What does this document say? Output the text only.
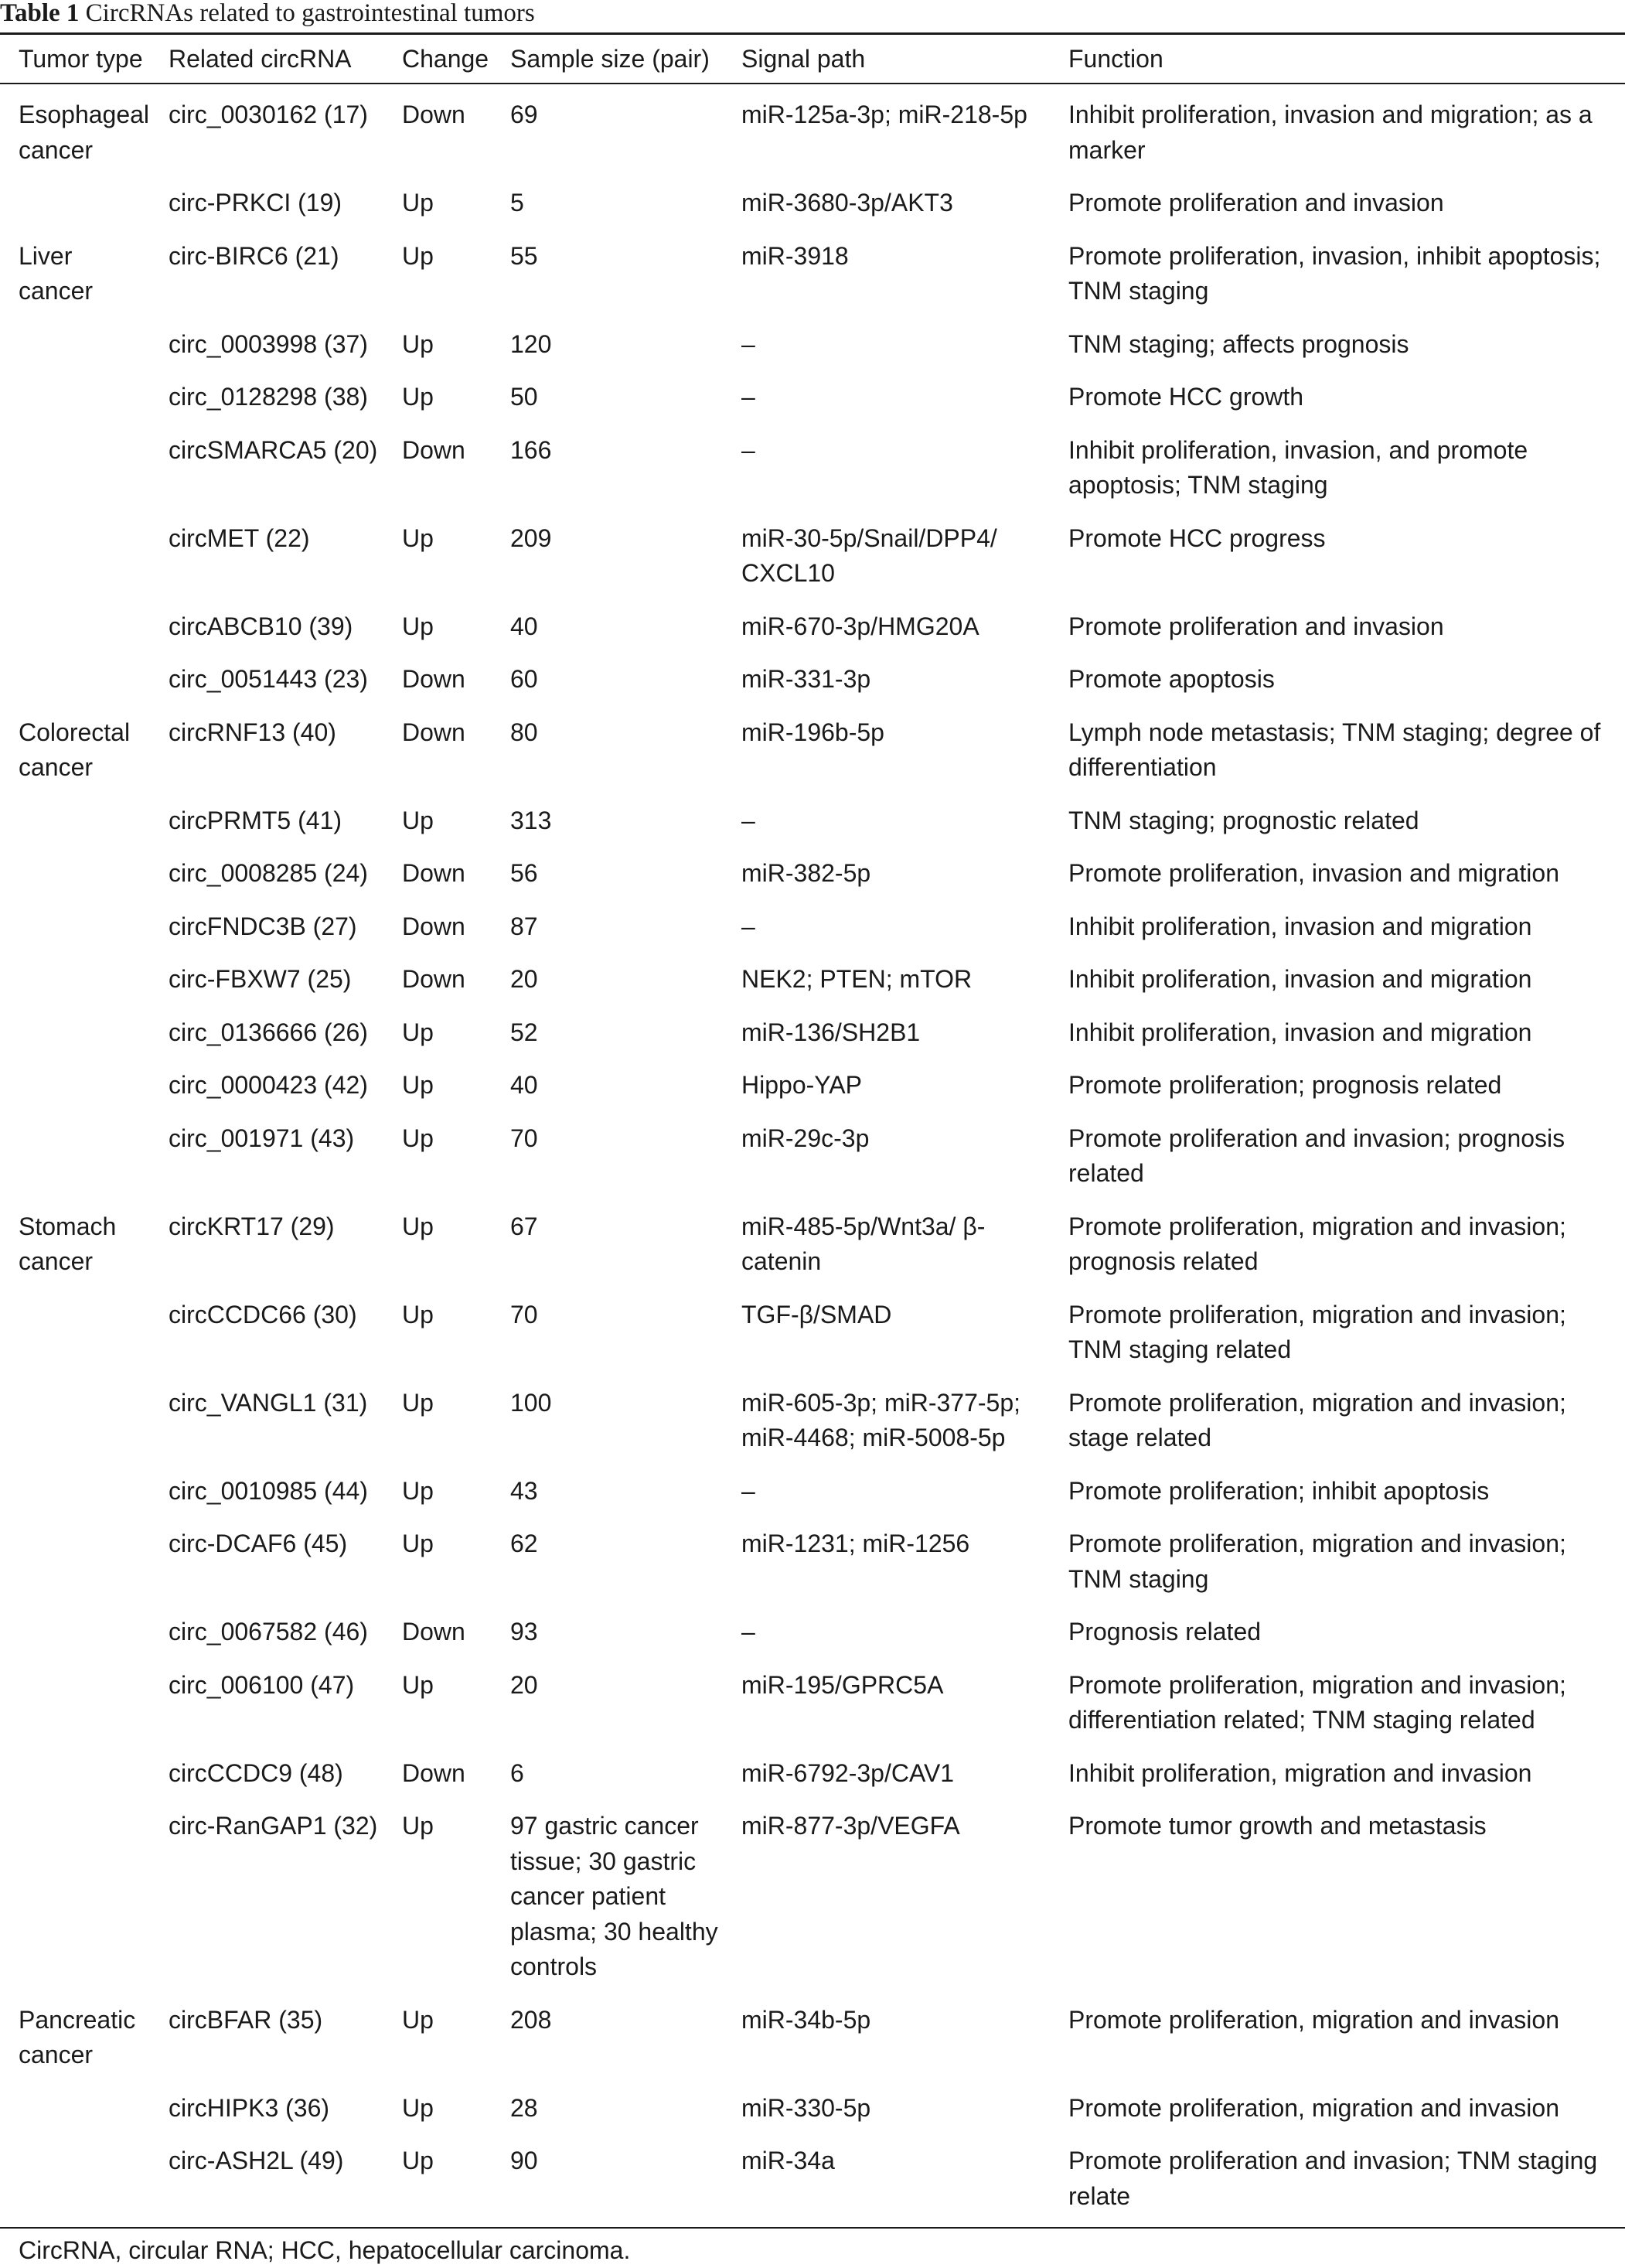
Table 1 CircRNAs related to gastrointestinal tumors
Tumor type	Related circRNA	Change	Sample size (pair)	Signal path	Function
Esophageal cancer	circ_0030162 (17)	Down	69	miR-125a-3p; miR-218-5p	Inhibit proliferation, invasion and migration; as a marker
	circ-PRKCI (19)	Up	5	miR-3680-3p/AKT3	Promote proliferation and invasion
Liver cancer	circ-BIRC6 (21)	Up	55	miR-3918	Promote proliferation, invasion, inhibit apoptosis; TNM staging
	circ_0003998 (37)	Up	120	–	TNM staging; affects prognosis
	circ_0128298 (38)	Up	50	–	Promote HCC growth
	circSMARCA5 (20)	Down	166	–	Inhibit proliferation, invasion, and promote apoptosis; TNM staging
	circMET (22)	Up	209	miR-30-5p/Snail/DPP4/ CXCL10	Promote HCC progress
	circABCB10 (39)	Up	40	miR-670-3p/HMG20A	Promote proliferation and invasion
	circ_0051443 (23)	Down	60	miR-331-3p	Promote apoptosis
Colorectal cancer	circRNF13 (40)	Down	80	miR-196b-5p	Lymph node metastasis; TNM staging; degree of differentiation
	circPRMT5 (41)	Up	313	–	TNM staging; prognostic related
	circ_0008285 (24)	Down	56	miR-382-5p	Promote proliferation, invasion and migration
	circFNDC3B (27)	Down	87	–	Inhibit proliferation, invasion and migration
	circ-FBXW7 (25)	Down	20	NEK2; PTEN; mTOR	Inhibit proliferation, invasion and migration
	circ_0136666 (26)	Up	52	miR-136/SH2B1	Inhibit proliferation, invasion and migration
	circ_0000423 (42)	Up	40	Hippo-YAP	Promote proliferation; prognosis related
	circ_001971 (43)	Up	70	miR-29c-3p	Promote proliferation and invasion; prognosis related
Stomach cancer	circKRT17 (29)	Up	67	miR-485-5p/Wnt3a/ β-catenin	Promote proliferation, migration and invasion; prognosis related
	circCCDC66 (30)	Up	70	TGF-β/SMAD	Promote proliferation, migration and invasion; TNM staging related
	circ_VANGL1 (31)	Up	100	miR-605-3p; miR-377-5p; miR-4468; miR-5008-5p	Promote proliferation, migration and invasion; stage related
	circ_0010985 (44)	Up	43	–	Promote proliferation; inhibit apoptosis
	circ-DCAF6 (45)	Up	62	miR-1231; miR-1256	Promote proliferation, migration and invasion; TNM staging
	circ_0067582 (46)	Down	93	–	Prognosis related
	circ_006100 (47)	Up	20	miR-195/GPRC5A	Promote proliferation, migration and invasion; differentiation related; TNM staging related
	circCCDC9 (48)	Down	6	miR-6792-3p/CAV1	Inhibit proliferation, migration and invasion
	circ-RanGAP1 (32)	Up	97 gastric cancer tissue; 30 gastric cancer patient plasma; 30 healthy controls	miR-877-3p/VEGFA	Promote tumor growth and metastasis
Pancreatic cancer	circBFAR (35)	Up	208	miR-34b-5p	Promote proliferation, migration and invasion
	circHIPK3 (36)	Up	28	miR-330-5p	Promote proliferation, migration and invasion
	circ-ASH2L (49)	Up	90	miR-34a	Promote proliferation and invasion; TNM staging relate
CircRNA, circular RNA; HCC, hepatocellular carcinoma.
